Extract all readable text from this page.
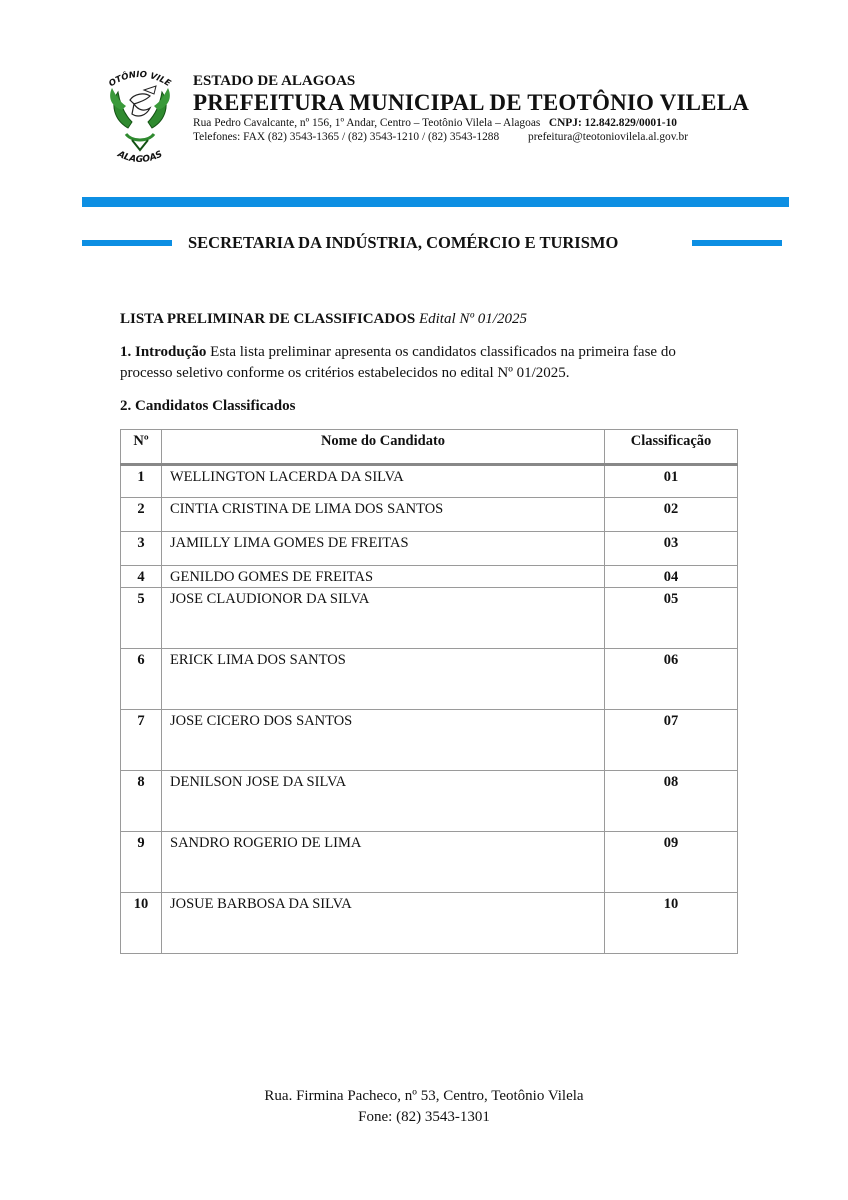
OTÔNIO VILE
ALAGOAS
ESTADO DE ALAGOAS
PREFEITURA MUNICIPAL DE TEOTÔNIO VILELA
Rua Pedro Cavalcante, nº 156, 1º Andar, Centro – Teotônio Vilela – Alagoas CNPJ: 12.842.829/0001-10
Telefones: FAX (82) 3543-1365 / (82) 3543-1210 / (82) 3543-1288	prefeitura@teotoniovilela.al.gov.br
SECRETARIA DA INDÚSTRIA, COMÉRCIO E TURISMO
LISTA PRELIMINAR DE CLASSIFICADOS Edital Nº 01/2025
1. Introdução Esta lista preliminar apresenta os candidatos classificados na primeira fase do processo seletivo conforme os critérios estabelecidos no edital Nº 01/2025.
2. Candidatos Classificados
Nº	Nome do Candidato	Classificação
1	WELLINGTON LACERDA DA SILVA	01
2	CINTIA CRISTINA DE LIMA DOS SANTOS	02
3	JAMILLY LIMA GOMES DE FREITAS	03
4	GENILDO GOMES DE FREITAS	04
5	JOSE CLAUDIONOR DA SILVA	05
6	ERICK LIMA DOS SANTOS	06
7	JOSE CICERO DOS SANTOS	07
8	DENILSON JOSE DA SILVA	08
9	SANDRO ROGERIO DE LIMA	09
10	JOSUE BARBOSA DA SILVA	10
Rua. Firmina Pacheco, nº 53, Centro, Teotônio Vilela
Fone: (82) 3543-1301
